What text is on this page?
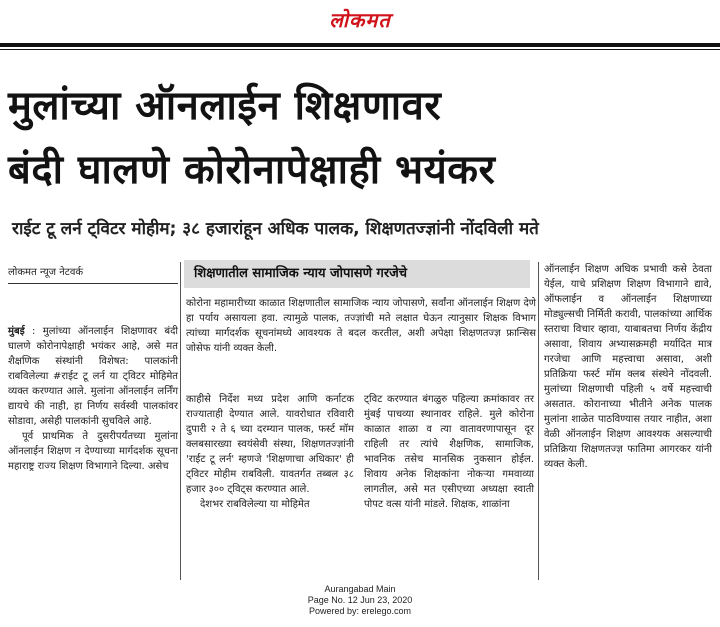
लोकमत
मुलांच्या ऑनलाईन शिक्षणावर
बंदी घालणे कोरोनापेक्षाही भयंकर
राईट टू लर्न ट्विटर मोहीम; ३८ हजारांहून अधिक पालक, शिक्षणतज्ज्ञांनी नोंदविली मते
लोकमत न्यूज नेटवर्क	शिक्षणातील सामाजिक न्याय जोपासणे गरजेचे
कोरोना महामारीच्या काळात शिक्षणातील सामाजिक न्याय जोपासणे, सर्वांना ऑनलाईन शिक्षण देणे हा पर्याय असायला हवा. त्यामुळे पालक, तज्ज्ञांची मते लक्षात घेऊन त्यानुसार शिक्षक विभाग त्यांच्या मार्गदर्शक सूचनांमध्ये आवश्यक ते बदल करतील, अशी अपेक्षा शिक्षणतज्ज्ञ फ्रान्सिस जोसेफ यांनी व्यक्त केली.
मुंबई : मुलांच्या ऑनलाईन शिक्षणावर बंदी घालणे कोरोनापेक्षाही भयंकर आहे, असे मत शैक्षणिक संस्थांनी विशेषत: पालकांनी राबविलेल्या #राईट टू लर्न या ट्विटर मोहिमेत व्यक्त करण्यात आले. मुलांना ऑनलाईन लर्निंग द्यायचे की नाही, हा निर्णय सर्वस्वी पालकांवर सोडावा, असेही पालकांनी सुचविले आहे.
पूर्व प्राथमिक ते दुसरीपर्यंतच्या मुलांना ऑनलाईन शिक्षण न देण्याच्या मार्गदर्शक सूचना महाराष्ट्र राज्य शिक्षण विभागाने दिल्या. असेच
काहीसे निर्देश मध्य प्रदेश आणि कर्नाटक राज्याताही देण्यात आले. यावरोधात रविवारी दुपारी २ ते ६ च्या दरम्यान पालक, फर्स्ट मॉम क्लबसारख्या स्वयंसेवी संस्था, शिक्षणतज्ज्ञांनी 'राईट टू लर्न' म्हणजे 'शिक्षणाचा अधिकार' ही ट्विटर मोहीम राबविली. यावतर्गत तब्बल ३८ हजार ३०० ट्विट्स करण्यात आले.
देशभर राबविलेल्या या मोहिमेत
ट्विट करण्यात बंगळुरु पहिल्या क्रमांकावर तर मुंबई पाचव्या स्थानावर राहिले. मुले कोरोना काळात शाळा व त्या वातावरणापासून दूर राहिली तर त्यांचे शैक्षणिक, सामाजिक, भावनिक तसेच मानसिक नुकसान होईल. शिवाय अनेक शिक्षकांना नोकऱ्या गमवाव्या लागतील, असे मत एसीएच्या अध्यक्षा स्वाती पोपट वत्स यांनी मांडले. शिक्षक, शाळांना
ऑनलाईन शिक्षण अधिक प्रभावी कसे ठेवता येईल, याचे प्रशिक्षण शिक्षण विभागाने द्यावे, ऑफलाईन व ऑनलाईन शिक्षणाच्या मोड्युल्सची निर्मिती करावी, पालकांच्या आर्थिक स्तराचा विचार व्हावा, याबाबतचा निर्णय केंद्रीय असावा, शिवाय अभ्यासक्रमही मर्यादित मात्र गरजेचा आणि महत्त्वाचा असावा, अशी प्रतिक्रिया फर्स्ट मॉम क्लब संस्थेने नोंदवली. मुलांच्या शिक्षणाची पहिली ५ वर्षे महत्त्वाची असतात. कोरानाच्या भीतीने अनेक पालक मुलांना शाळेत पाठविण्यास तयार नाहीत, अशा वेळी ऑनलाईन शिक्षण आवश्यक असल्याची प्रतिक्रिया शिक्षणतज्ज्ञ फातिमा आगरकर यांनी व्यक्त केली.
Aurangabad Main
Page No. 12 Jun 23, 2020
Powered by: erelego.com
